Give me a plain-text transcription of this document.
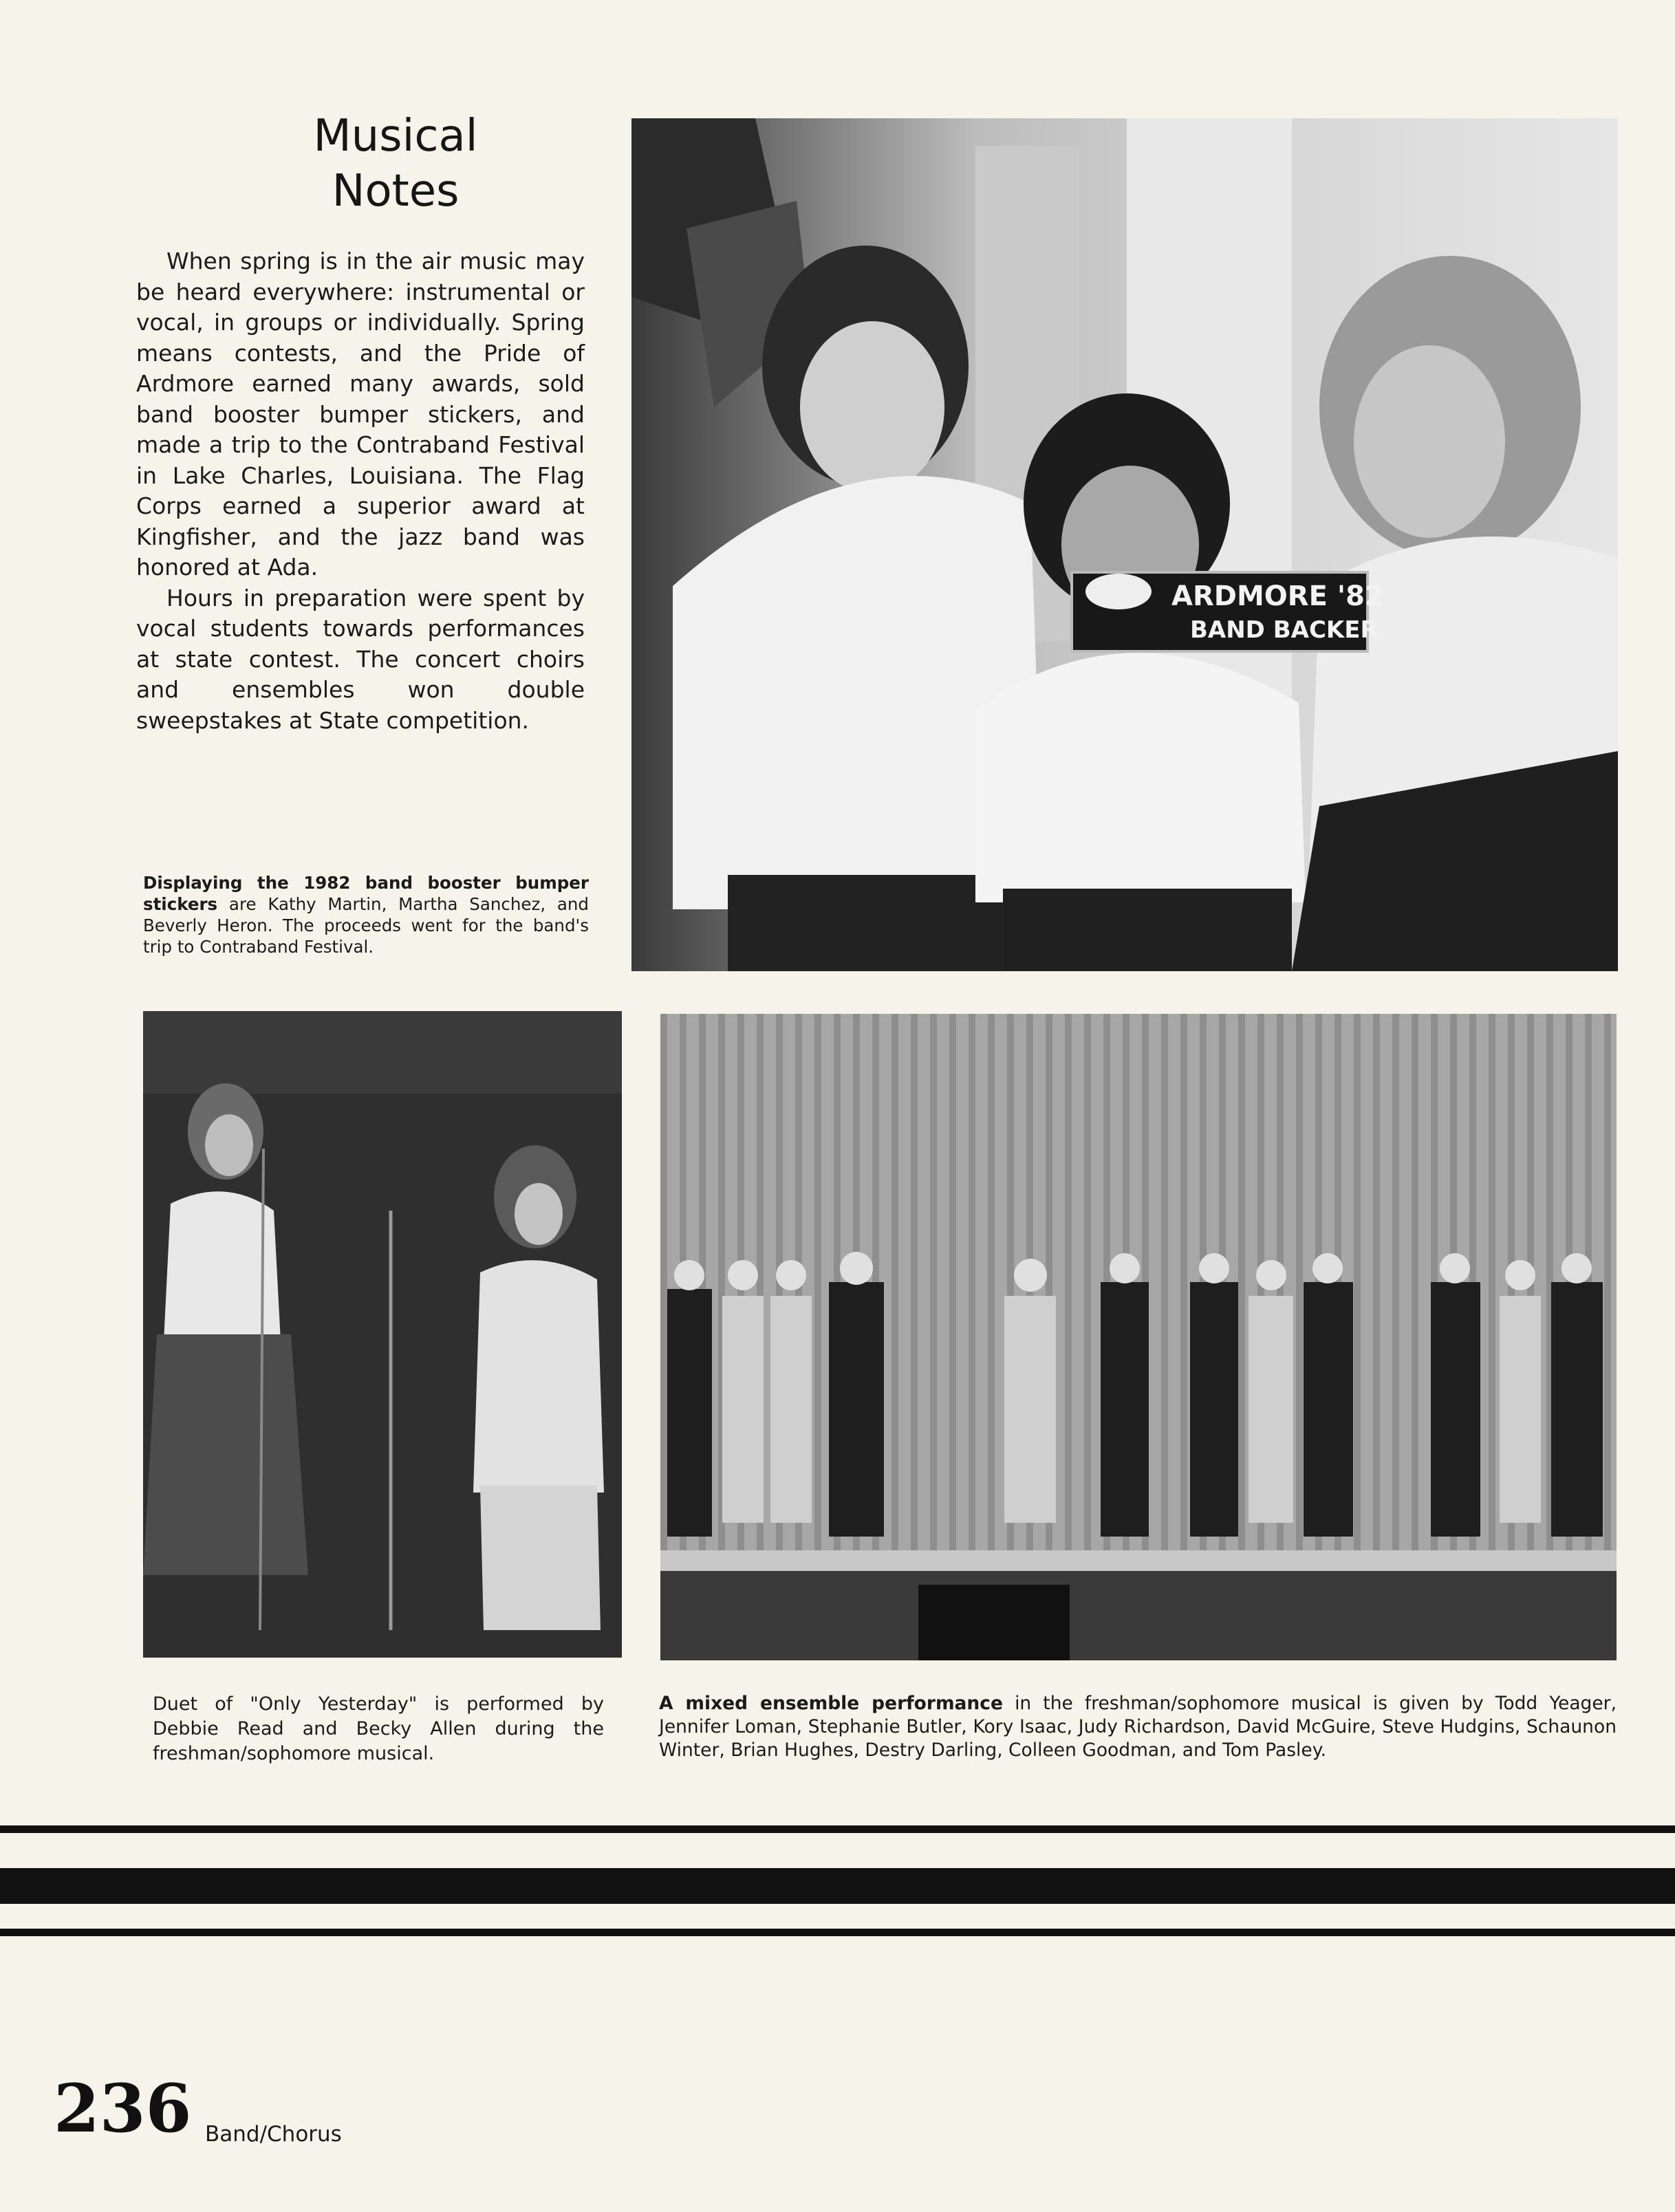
Musical
Notes

When spring is in the air music may be heard everywhere: instrumental or vocal, in groups or individually. Spring means contests, and the Pride of Ardmore earned many awards, sold band booster bumper stickers, and made a trip to the Contraband Festival in Lake Charles, Louisiana. The Flag Corps earned a superior award at Kingfisher, and the jazz band was honored at Ada.

Hours in preparation were spent by vocal students towards performances at state contest. The concert choirs and ensembles won double sweepstakes at State competition.

Displaying the 1982 band booster bumper stickers are Kathy Martin, Martha Sanchez, and Beverly Heron. The proceeds went for the band's trip to Contraband Festival.
ARDMORE '82
BAND BACKER
Duet of "Only Yesterday" is performed by Debbie Read and Becky Allen during the freshman/sophomore musical.
A mixed ensemble performance in the freshman/sophomore musical is given by Todd Yeager, Jennifer Loman, Stephanie Butler, Kory Isaac, Judy Richardson, David McGuire, Steve Hudgins, Schaunon Winter, Brian Hughes, Destry Darling, Colleen Goodman, and Tom Pasley.
236 Band/Chorus
